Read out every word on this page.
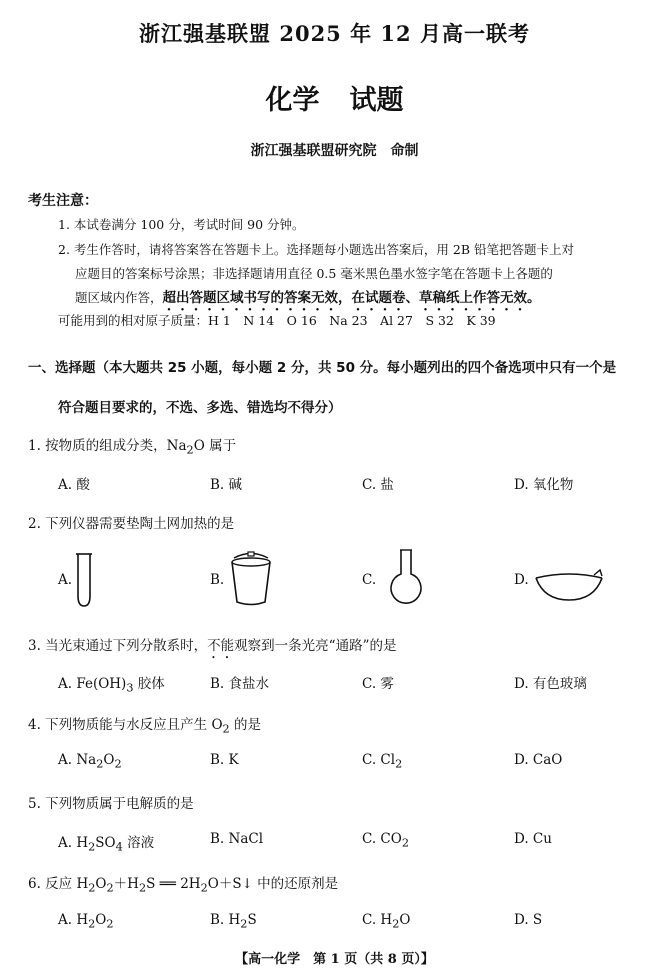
浙江强基联盟 2025 年 12 月高一联考
化学 试题
浙江强基联盟研究院 命制
考生注意：
1. 本试卷满分 100 分，考试时间 90 分钟。
2. 考生作答时，请将答案答在答题卡上。选择题每小题选出答案后，用 2B 铅笔把答题卡上对
应题目的答案标号涂黑；非选择题请用直径 0.5 毫米黑色墨水签字笔在答题卡上各题的
题区域内作答，超出答题区域书写的答案无效，在试题卷、草稿纸上作答无效。
可能用到的相对原子质量：H 1　N 14　O 16　Na 23　Al 27　S 32　K 39
一、选择题（本大题共 25 小题，每小题 2 分，共 50 分。每小题列出的四个备选项中只有一个是
符合题目要求的，不选、多选、错选均不得分）
1. 按物质的组成分类，$Na_2O$ 属于
A. 酸	B. 碱	C. 盐	D. 氧化物
2. 下列仪器需要垫陶土网加热的是
A.	B.	C.	D.
3. 当光束通过下列分散系时，不能观察到一条光亮“通路”的是
A. $Fe(OH)_3$ 胶体	B. 食盐水	C. 雾	D. 有色玻璃
4. 下列物质能与水反应且产生 $O_2$ 的是
A. $Na_2O_2$	B. K	C. $Cl_2$	D. CaO
5. 下列物质属于电解质的是
A. $H_2SO_4$ 溶液	B. NaCl	C. $CO_2$	D. Cu
6. 反应 $H_2O_2+H_2S$ ══ $2H_2O+S↓$ 中的还原剂是
A. $H_2O_2$	B. $H_2S$	C. $H_2O$	D. S
【高一化学　第 1 页（共 8 页）】
